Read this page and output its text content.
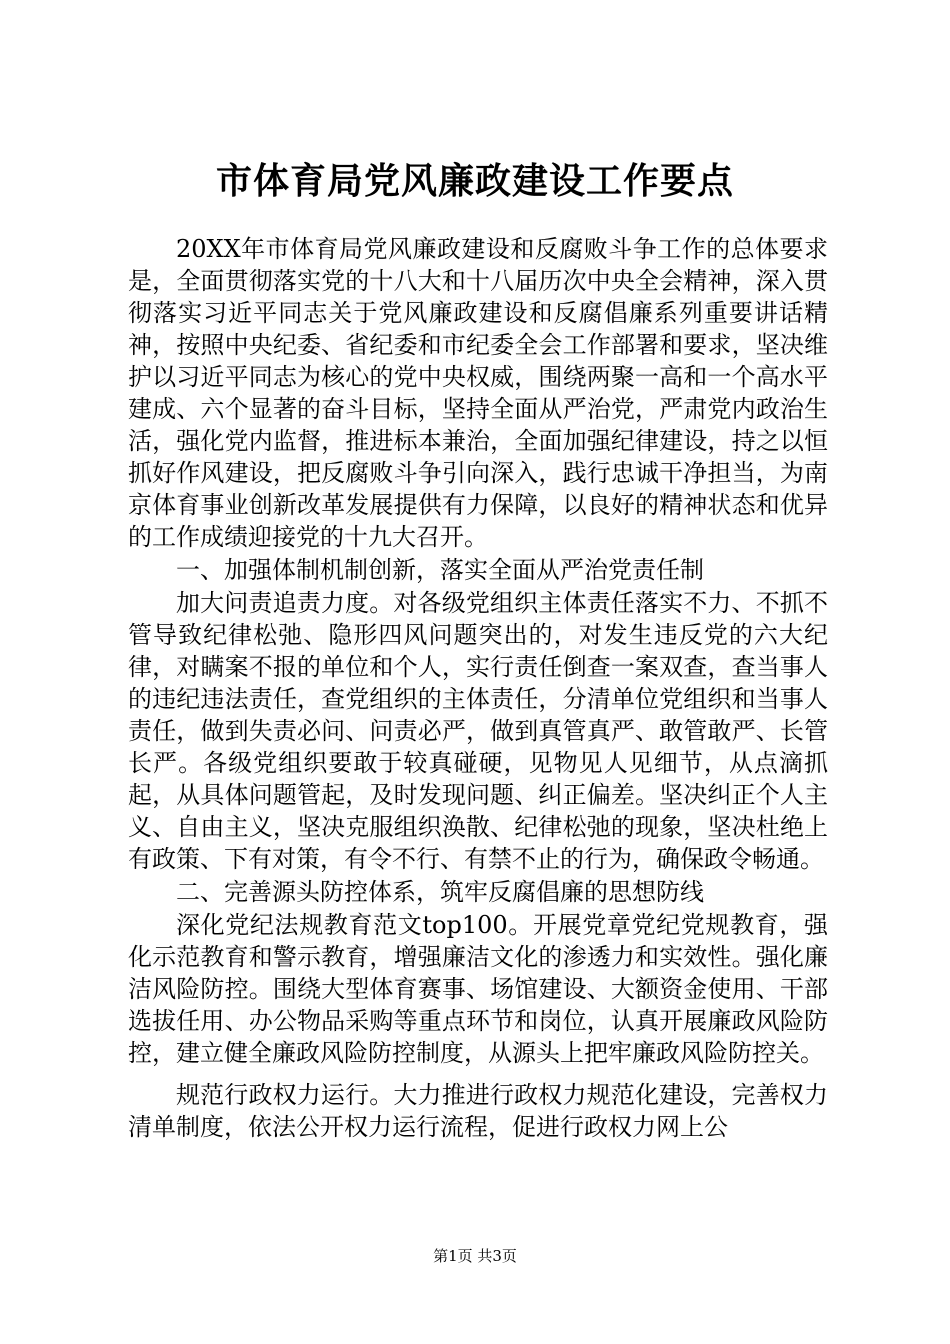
市体育局党风廉政建设工作要点

20XX年市体育局党风廉政建设和反腐败斗争工作的总体要求是，全面贯彻落实党的十八大和十八届历次中央全会精神，深入贯彻落实习近平同志关于党风廉政建设和反腐倡廉系列重要讲话精神，按照中央纪委、省纪委和市纪委全会工作部署和要求，坚决维护以习近平同志为核心的党中央权威，围绕两聚一高和一个高水平建成、六个显著的奋斗目标，坚持全面从严治党，严肃党内政治生活，强化党内监督，推进标本兼治，全面加强纪律建设，持之以恒抓好作风建设，把反腐败斗争引向深入，践行忠诚干净担当，为南京体育事业创新改革发展提供有力保障，以良好的精神状态和优异的工作成绩迎接党的十九大召开。

一、加强体制机制创新，落实全面从严治党责任制

加大问责追责力度。对各级党组织主体责任落实不力、不抓不管导致纪律松弛、隐形四风问题突出的，对发生违反党的六大纪律，对瞒案不报的单位和个人，实行责任倒查一案双查，查当事人的违纪违法责任，查党组织的主体责任，分清单位党组织和当事人责任，做到失责必问、问责必严，做到真管真严、敢管敢严、长管长严。各级党组织要敢于较真碰硬，见物见人见细节，从点滴抓起，从具体问题管起，及时发现问题、纠正偏差。坚决纠正个人主义、自由主义，坚决克服组织涣散、纪律松弛的现象，坚决杜绝上有政策、下有对策，有令不行、有禁不止的行为，确保政令畅通。

二、完善源头防控体系，筑牢反腐倡廉的思想防线

深化党纪法规教育范文top100。开展党章党纪党规教育，强化示范教育和警示教育，增强廉洁文化的渗透力和实效性。强化廉洁风险防控。围绕大型体育赛事、场馆建设、大额资金使用、干部选拔任用、办公物品采购等重点环节和岗位，认真开展廉政风险防控，建立健全廉政风险防控制度，从源头上把牢廉政风险防控关。

规范行政权力运行。大力推进行政权力规范化建设，完善权力清单制度，依法公开权力运行流程，促进行政权力网上公

第1页 共3页
